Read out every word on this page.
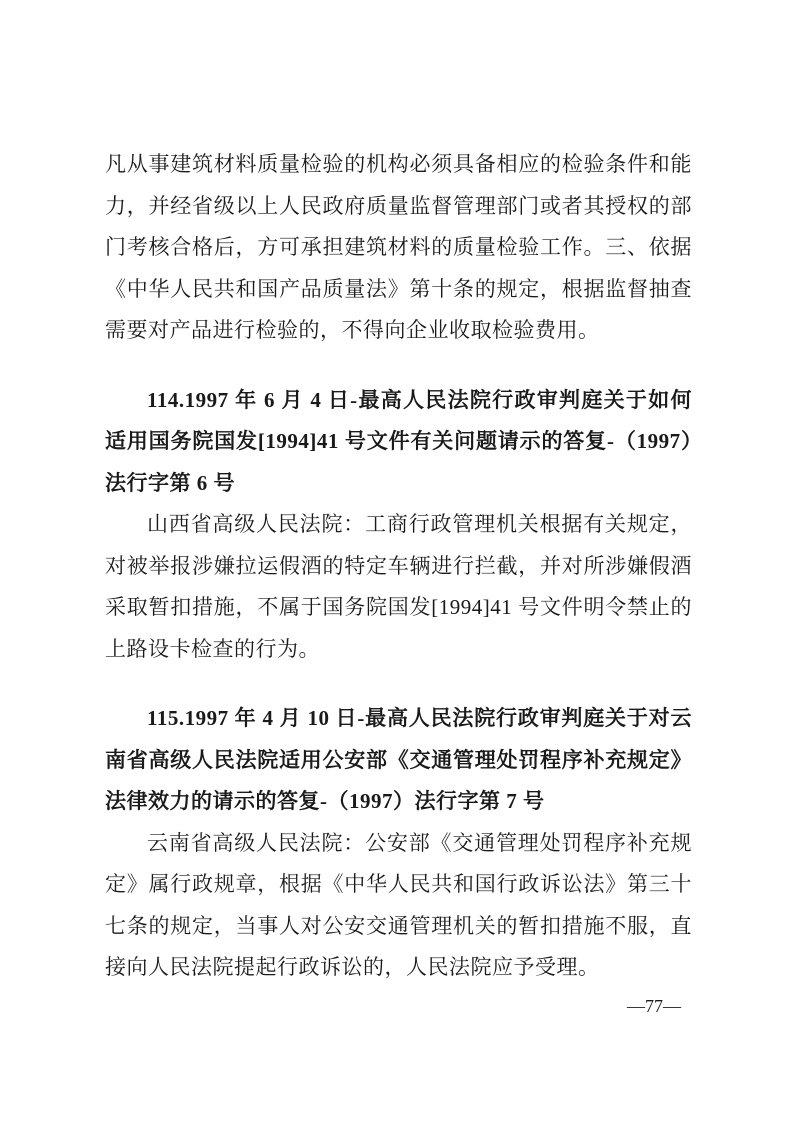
凡从事建筑材料质量检验的机构必须具备相应的检验条件和能力，并经省级以上人民政府质量监督管理部门或者其授权的部门考核合格后，方可承担建筑材料的质量检验工作。三、依据《中华人民共和国产品质量法》第十条的规定，根据监督抽查需要对产品进行检验的，不得向企业收取检验费用。

114.1997 年 6 月 4 日-最高人民法院行政审判庭关于如何适用国务院国发[1994]41 号文件有关问题请示的答复-（1997）法行字第 6 号

山西省高级人民法院：工商行政管理机关根据有关规定，对被举报涉嫌拉运假酒的特定车辆进行拦截，并对所涉嫌假酒采取暂扣措施，不属于国务院国发[1994]41 号文件明令禁止的上路设卡检查的行为。

115.1997 年 4 月 10 日-最高人民法院行政审判庭关于对云南省高级人民法院适用公安部《交通管理处罚程序补充规定》法律效力的请示的答复-（1997）法行字第 7 号

云南省高级人民法院：公安部《交通管理处罚程序补充规定》属行政规章，根据《中华人民共和国行政诉讼法》第三十七条的规定，当事人对公安交通管理机关的暂扣措施不服，直接向人民法院提起行政诉讼的，人民法院应予受理。

—77—
